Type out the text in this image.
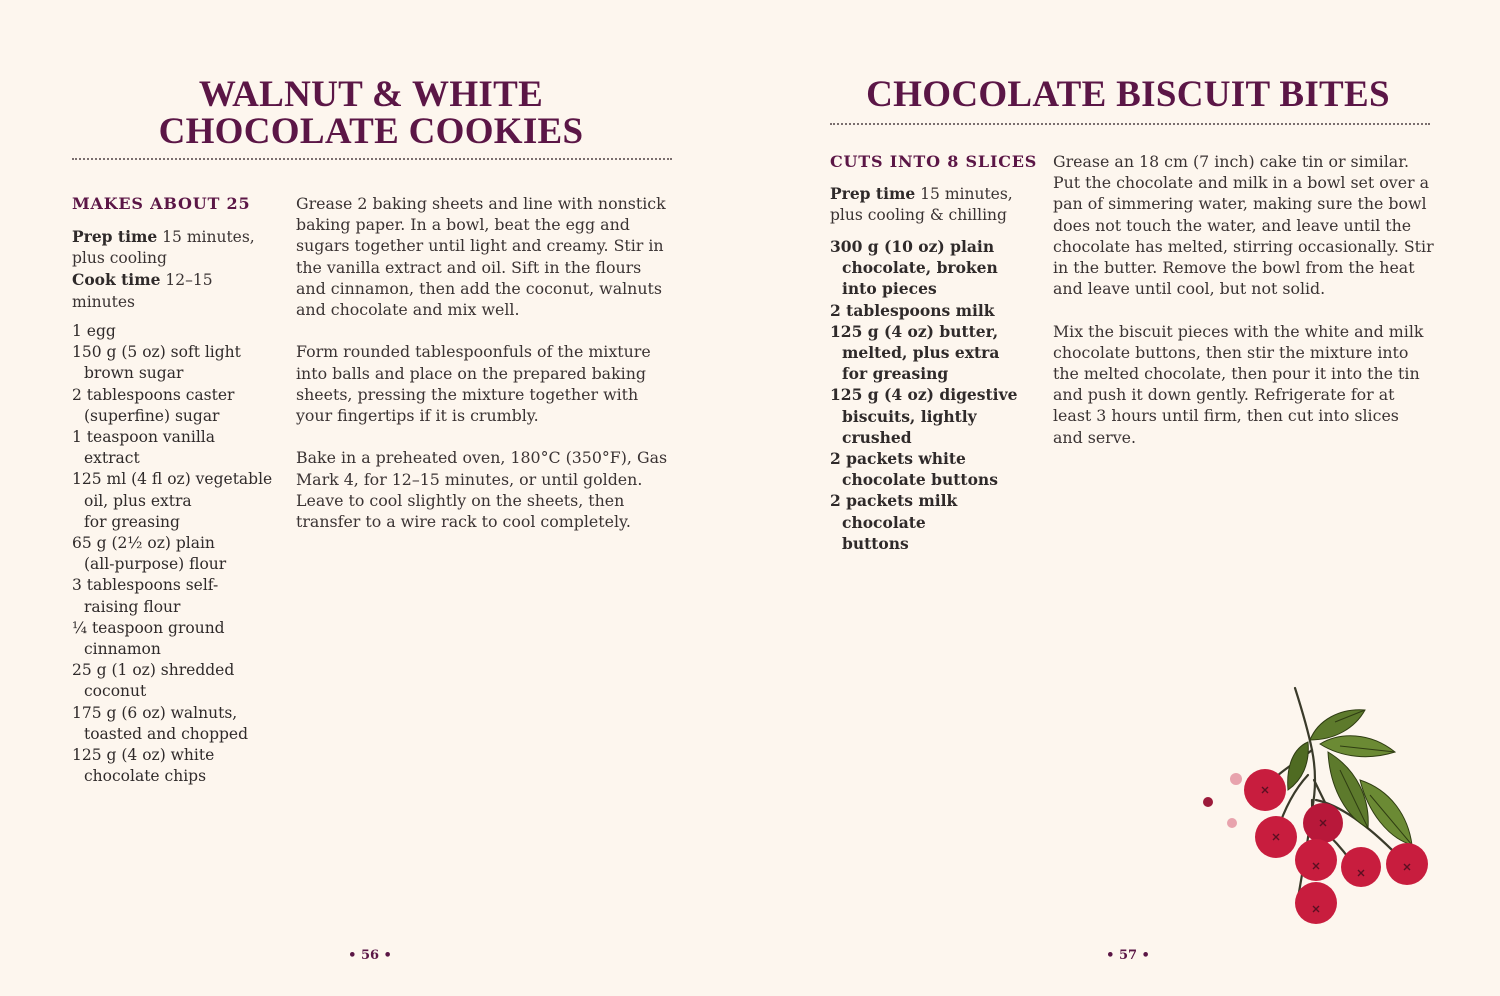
WALNUT & WHITE
CHOCOLATE COOKIES

MAKES ABOUT 25

Prep time 15 minutes,
plus cooling
Cook time 12–15
minutes
1 egg
150 g (5 oz) soft light
brown sugar
2 tablespoons caster
(superfine) sugar
1 teaspoon vanilla
extract
125 ml (4 fl oz) vegetable
oil, plus extra
for greasing
65 g (2½ oz) plain
(all-purpose) flour
3 tablespoons self-
raising flour
¼ teaspoon ground
cinnamon
25 g (1 oz) shredded
coconut
175 g (6 oz) walnuts,
toasted and chopped
125 g (4 oz) white
chocolate chips

Grease 2 baking sheets and line with nonstick
baking paper. In a bowl, beat the egg and
sugars together until light and creamy. Stir in
the vanilla extract and oil. Sift in the flours
and cinnamon, then add the coconut, walnuts
and chocolate and mix well.

Form rounded tablespoonfuls of the mixture
into balls and place on the prepared baking
sheets, pressing the mixture together with
your fingertips if it is crumbly.

Bake in a preheated oven, 180°C (350°F), Gas
Mark 4, for 12–15 minutes, or until golden.
Leave to cool slightly on the sheets, then
transfer to a wire rack to cool completely.

• 56 •
CHOCOLATE BISCUIT BITES

CUTS INTO 8 SLICES

Prep time 15 minutes,
plus cooling & chilling
300 g (10 oz) plain
chocolate, broken
into pieces
2 tablespoons milk
125 g (4 oz) butter,
melted, plus extra
for greasing
125 g (4 oz) digestive
biscuits, lightly
crushed
2 packets white
chocolate buttons
2 packets milk chocolate
buttons

Grease an 18 cm (7 inch) cake tin or similar.
Put the chocolate and milk in a bowl set over a
pan of simmering water, making sure the bowl
does not touch the water, and leave until the
chocolate has melted, stirring occasionally. Stir
in the butter. Remove the bowl from the heat
and leave until cool, but not solid.

Mix the biscuit pieces with the white and milk
chocolate buttons, then stir the mixture into
the melted chocolate, then pour it into the tin
and push it down gently. Refrigerate for at
least 3 hours until firm, then cut into slices
and serve.

• 57 •
